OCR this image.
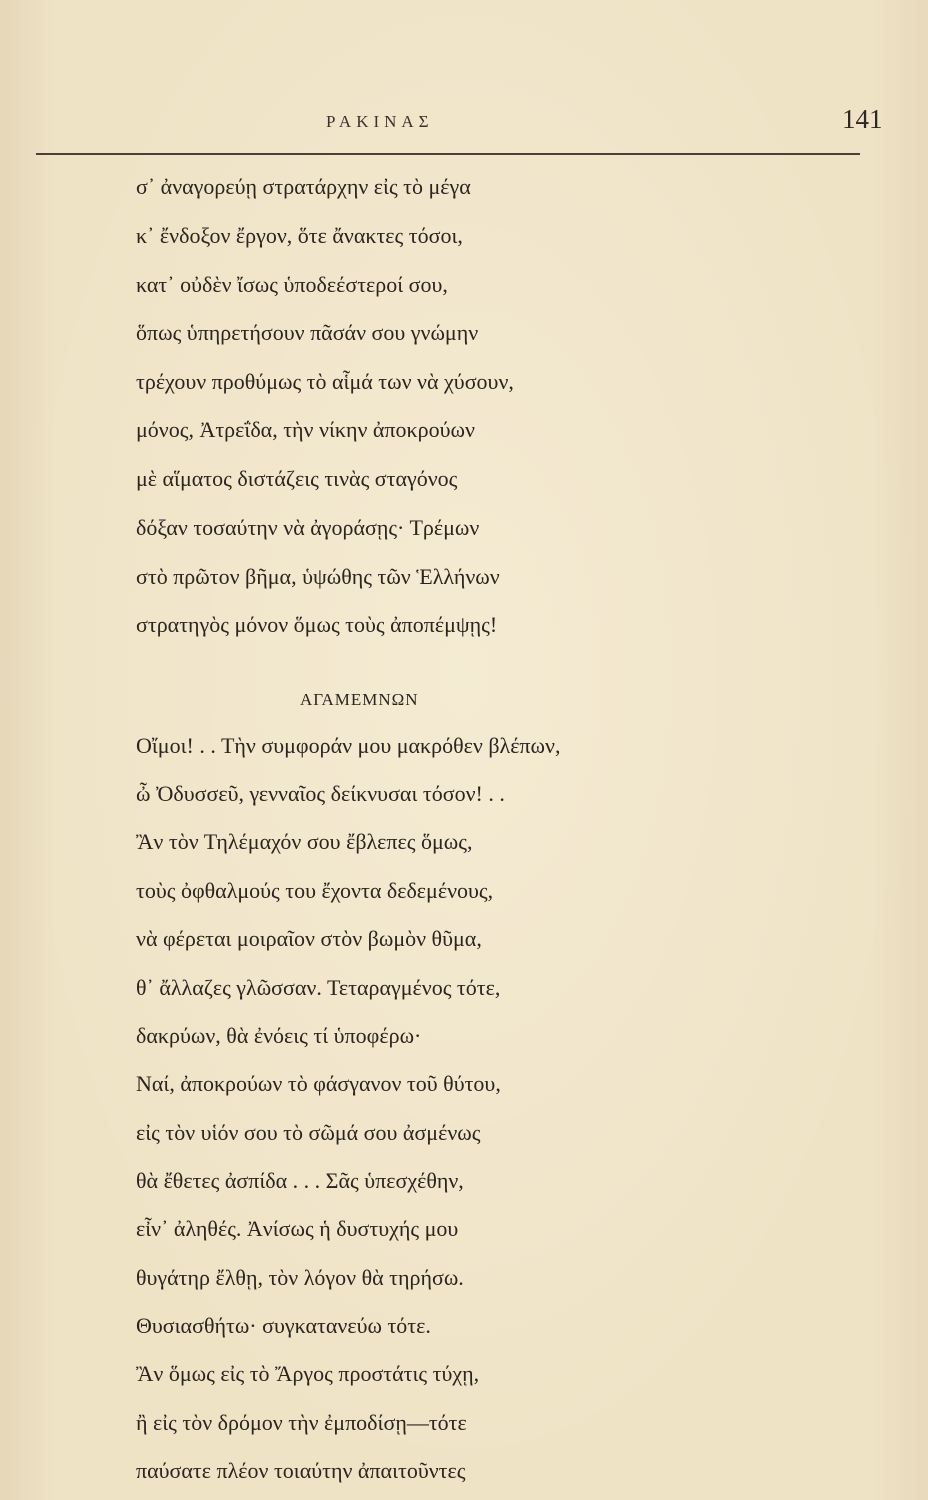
ΡΑΚΙΝΑΣ	141
σ᾽ ἀναγορεύῃ στρατάρχην εἰς τὸ μέγα
κ᾽ ἔνδοξον ἔργον, ὅτε ἄνακτες τόσοι,
κατ᾽ οὐδὲν ἴσως ὑποδεέστεροί σου,
ὅπως ὑπηρετήσουν πᾶσάν σου γνώμην
τρέχουν προθύμως τὸ αἷμά των νὰ χύσουν,
μόνος, Ἀτρεΐδα, τὴν νίκην ἀποκρούων
μὲ αἵματος διστάζεις τινὰς σταγόνος
δόξαν τοσαύτην νὰ ἀγοράσῃς· Τρέμων
στὸ πρῶτον βῆμα, ὑψώθης τῶν Ἑλλήνων
στρατηγὸς μόνον ὅμως τοὺς ἀποπέμψῃς!
ΑΓΑΜΕΜΝΩΝ
Οἴμοι! . . Τὴν συμφοράν μου μακρόθεν βλέπων,
ὦ Ὀδυσσεῦ, γενναῖος δείκνυσαι τόσον! . .
Ἂν τὸν Τηλέμαχόν σου ἔβλεπες ὅμως,
τοὺς ὀφθαλμούς του ἔχοντα δεδεμένους,
νὰ φέρεται μοιραῖον στὸν βωμὸν θῦμα,
θ᾽ ἄλλαζες γλῶσσαν. Τεταραγμένος τότε,
δακρύων, θὰ ἐνόεις τί ὑποφέρω·
Ναί, ἀποκρούων τὸ φάσγανον τοῦ θύτου,
εἰς τὸν υἱόν σου τὸ σῶμά σου ἀσμένως
θὰ ἔθετες ἀσπίδα . . . Σᾶς ὑπεσχέθην,
εἶν᾽ ἀληθές. Ἀνίσως ἡ δυστυχής μου
θυγάτηρ ἔλθῃ, τὸν λόγον θὰ τηρήσω.
Θυσιασθήτω· συγκατανεύω τότε.
Ἂν ὅμως εἰς τὸ Ἄργος προστάτις τύχῃ,
ἢ εἰς τὸν δρόμον τὴν ἐμποδίσῃ—τότε
παύσατε πλέον τοιαύτην ἀπαιτοῦντες
